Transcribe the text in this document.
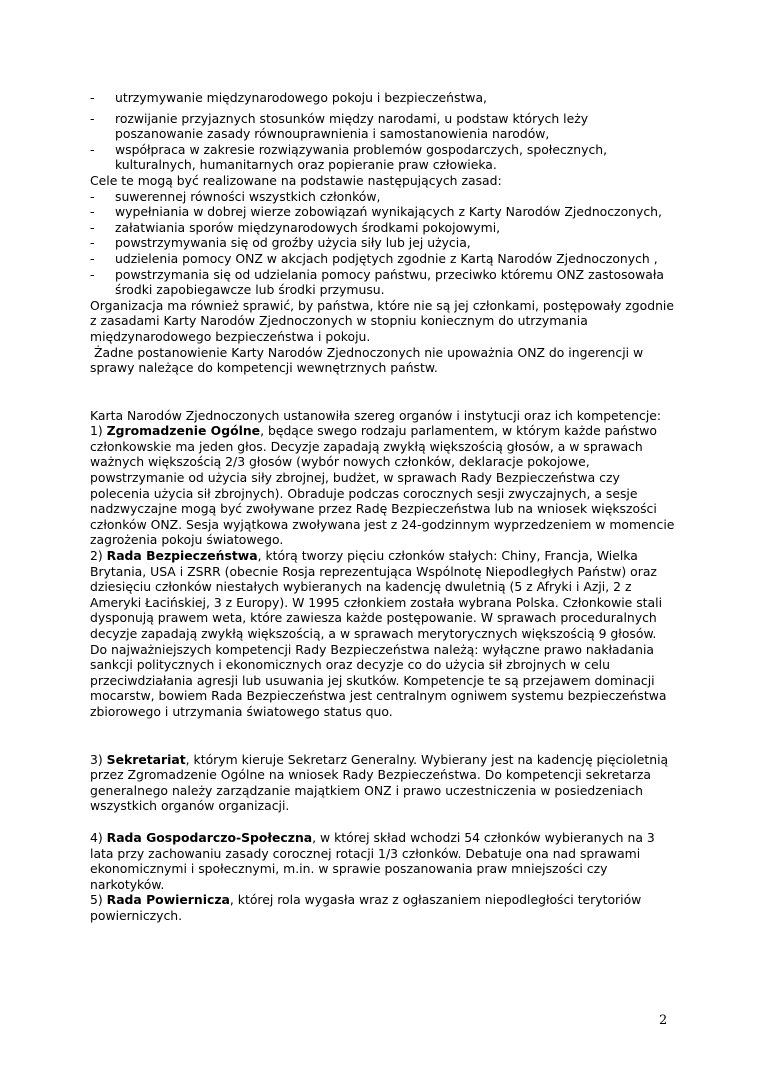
- utrzymywanie międzynarodowego pokoju i bezpieczeństwa,
- rozwijanie przyjaznych stosunków między narodami, u podstaw których leży poszanowanie zasady równouprawnienia i samostanowienia narodów,
- współpraca w zakresie rozwiązywania problemów gospodarczych, społecznych, kulturalnych, humanitarnych oraz popieranie praw człowieka.

Cele te mogą być realizowane na podstawie następujących zasad:

- suwerennej równości wszystkich członków,
- wypełniania w dobrej wierze zobowiązań wynikających z Karty Narodów Zjednoczonych,
- załatwiania sporów międzynarodowych środkami pokojowymi,
- powstrzymywania się od groźby użycia siły lub jej użycia,
- udzielenia pomocy ONZ w akcjach podjętych zgodnie z Kartą Narodów Zjednoczonych ,
- powstrzymania się od udzielania pomocy państwu, przeciwko któremu ONZ zastosowała środki zapobiegawcze lub środki przymusu.

Organizacja ma również sprawić, by państwa, które nie są jej członkami, postępowały zgodnie z zasadami Karty Narodów Zjednoczonych w stopniu koniecznym do utrzymania międzynarodowego bezpieczeństwa i pokoju.

Żadne postanowienie Karty Narodów Zjednoczonych nie upoważnia ONZ do ingerencji w sprawy należące do kompetencji wewnętrznych państw.

Karta Narodów Zjednoczonych ustanowiła szereg organów i instytucji oraz ich kompetencje:

1) Zgromadzenie Ogólne, będące swego rodzaju parlamentem, w którym każde państwo członkowskie ma jeden głos. Decyzje zapadają zwykłą większością głosów, a w sprawach ważnych większością 2/3 głosów (wybór nowych członków, deklaracje pokojowe, powstrzymanie od użycia siły zbrojnej, budżet, w sprawach Rady Bezpieczeństwa czy polecenia użycia sił zbrojnych). Obraduje podczas corocznych sesji zwyczajnych, a sesje nadzwyczajne mogą być zwoływane przez Radę Bezpieczeństwa lub na wniosek większości członków ONZ. Sesja wyjątkowa zwoływana jest z 24-godzinnym wyprzedzeniem w momencie zagrożenia pokoju światowego.

2) Rada Bezpieczeństwa, którą tworzy pięciu członków stałych: Chiny, Francja, Wielka Brytania, USA i ZSRR (obecnie Rosja reprezentująca Wspólnotę Niepodległych Państw) oraz dziesięciu członków niestałych wybieranych na kadencję dwuletnią (5 z Afryki i Azji, 2 z Ameryki Łacińskiej, 3 z Europy). W 1995 członkiem została wybrana Polska. Członkowie stali dysponują prawem weta, które zawiesza każde postępowanie. W sprawach proceduralnych decyzje zapadają zwykłą większością, a w sprawach merytorycznych większością 9 głosów.

Do najważniejszych kompetencji Rady Bezpieczeństwa należą: wyłączne prawo nakładania sankcji politycznych i ekonomicznych oraz decyzje co do użycia sił zbrojnych w celu przeciwdziałania agresji lub usuwania jej skutków. Kompetencje te są przejawem dominacji mocarstw, bowiem Rada Bezpieczeństwa jest centralnym ogniwem systemu bezpieczeństwa zbiorowego i utrzymania światowego status quo.

3) Sekretariat, którym kieruje Sekretarz Generalny. Wybierany jest na kadencję pięcioletnią przez Zgromadzenie Ogólne na wniosek Rady Bezpieczeństwa. Do kompetencji sekretarza generalnego należy zarządzanie majątkiem ONZ i prawo uczestniczenia w posiedzeniach wszystkich organów organizacji.

4) Rada Gospodarczo-Społeczna, w której skład wchodzi 54 członków wybieranych na 3 lata przy zachowaniu zasady corocznej rotacji 1/3 członków. Debatuje ona nad sprawami ekonomicznymi i społecznymi, m.in. w sprawie poszanowania praw mniejszości czy narkotyków.

5) Rada Powiernicza, której rola wygasła wraz z ogłaszaniem niepodległości terytoriów powierniczych.

2
